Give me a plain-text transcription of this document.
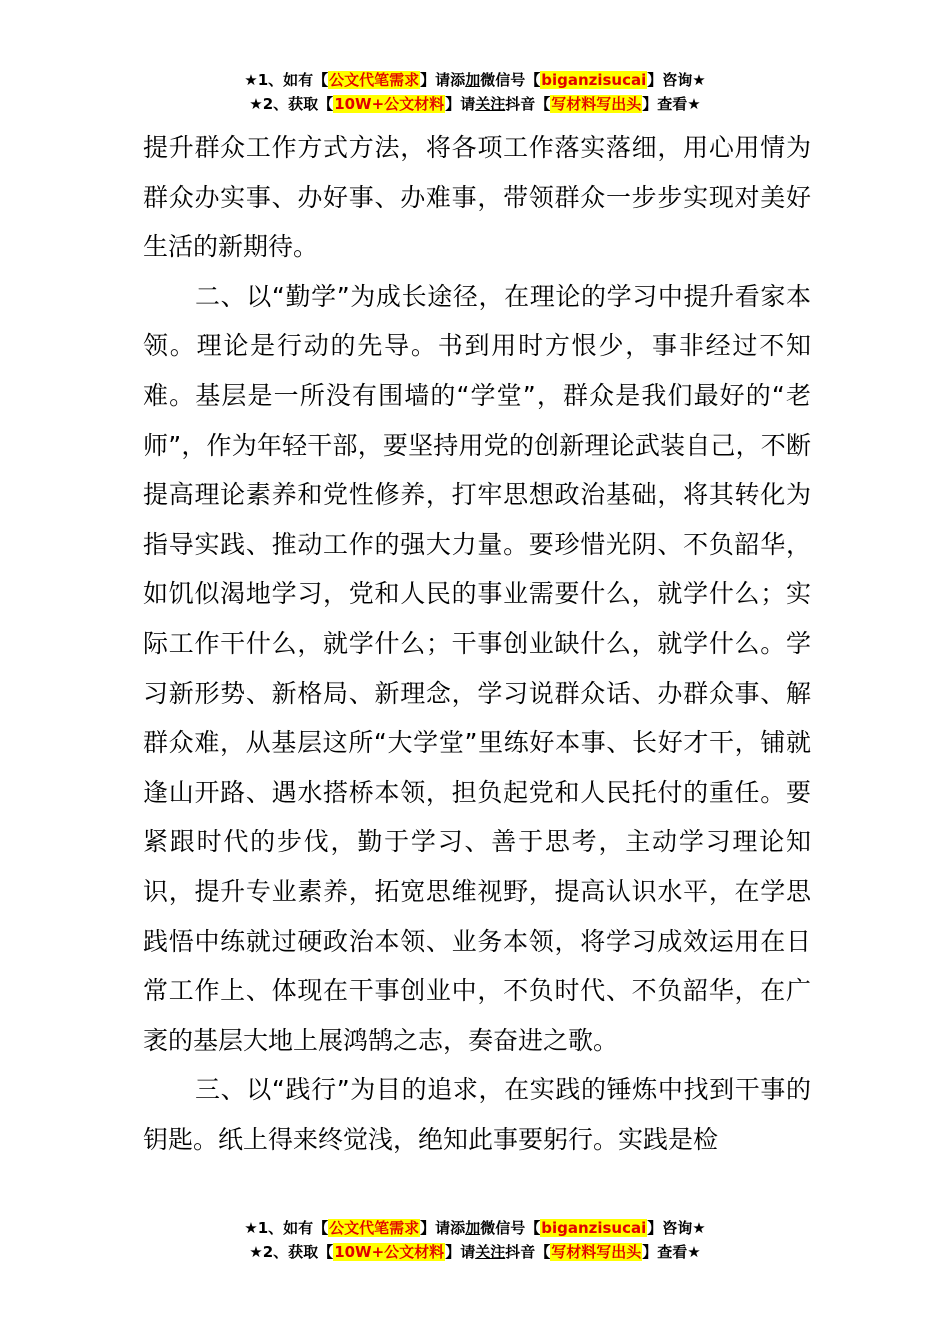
★1、如有【公文代笔需求】请添加微信号【biganzisucai】咨询★
★2、获取【10W+公文材料】请关注抖音【写材料写出头】查看★

提升群众工作方式方法，将各项工作落实落细，用心用情为群众办实事、办好事、办难事，带领群众一步步实现对美好生活的新期待。

二、以“勤学”为成长途径，在理论的学习中提升看家本领。理论是行动的先导。书到用时方恨少，事非经过不知难。基层是一所没有围墙的“学堂”，群众是我们最好的“老师”，作为年轻干部，要坚持用党的创新理论武装自己，不断提高理论素养和党性修养，打牢思想政治基础，将其转化为指导实践、推动工作的强大力量。要珍惜光阴、不负韶华，如饥似渴地学习，党和人民的事业需要什么，就学什么；实际工作干什么，就学什么；干事创业缺什么，就学什么。学习新形势、新格局、新理念，学习说群众话、办群众事、解群众难，从基层这所“大学堂”里练好本事、长好才干，铺就逢山开路、遇水搭桥本领，担负起党和人民托付的重任。要紧跟时代的步伐，勤于学习、善于思考，主动学习理论知识，提升专业素养，拓宽思维视野，提高认识水平，在学思践悟中练就过硬政治本领、业务本领，将学习成效运用在日常工作上、体现在干事创业中，不负时代、不负韶华，在广袤的基层大地上展鸿鹄之志，奏奋进之歌。

三、以“践行”为目的追求，在实践的锤炼中找到干事的钥匙。纸上得来终觉浅，绝知此事要躬行。实践是检

★1、如有【公文代笔需求】请添加微信号【biganzisucai】咨询★
★2、获取【10W+公文材料】请关注抖音【写材料写出头】查看★
